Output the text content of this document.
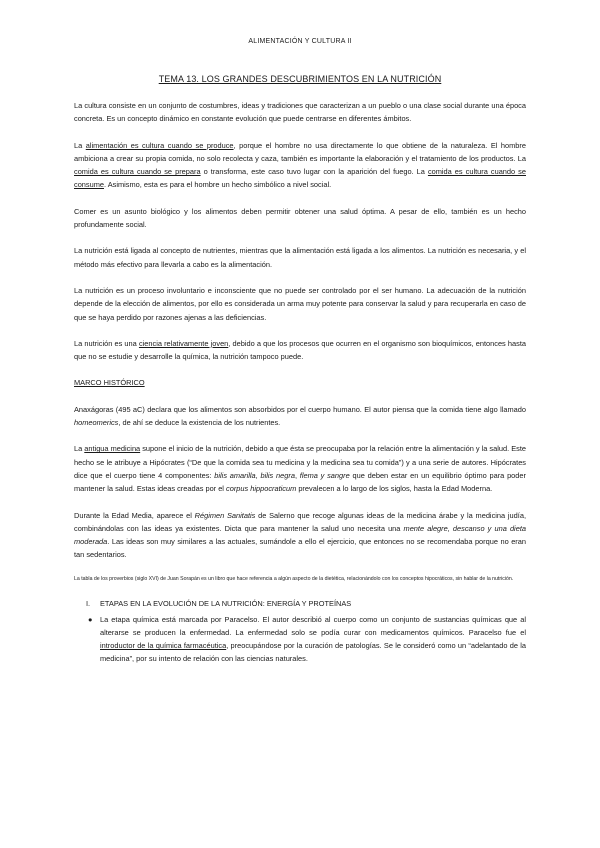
ALIMENTACIÓN Y CULTURA II
TEMA 13. LOS GRANDES DESCUBRIMIENTOS EN LA NUTRICIÓN

La cultura consiste en un conjunto de costumbres, ideas y tradiciones que caracterizan a un pueblo o una clase social durante una época concreta. Es un concepto dinámico en constante evolución que puede centrarse en diferentes ámbitos.

La alimentación es cultura cuando se produce, porque el hombre no usa directamente lo que obtiene de la naturaleza. El hombre ambiciona a crear su propia comida, no solo recolecta y caza, también es importante la elaboración y el tratamiento de los productos. La comida es cultura cuando se prepara o transforma, este caso tuvo lugar con la aparición del fuego. La comida es cultura cuando se consume. Asimismo, esta es para el hombre un hecho simbólico a nivel social.

Comer es un asunto biológico y los alimentos deben permitir obtener una salud óptima. A pesar de ello, también es un hecho profundamente social.

La nutrición está ligada al concepto de nutrientes, mientras que la alimentación está ligada a los alimentos. La nutrición es necesaria, y el método más efectivo para llevarla a cabo es la alimentación.

La nutrición es un proceso involuntario e inconsciente que no puede ser controlado por el ser humano. La adecuación de la nutrición depende de la elección de alimentos, por ello es considerada un arma muy potente para conservar la salud y para recuperarla en caso de que se haya perdido por razones ajenas a las deficiencias.

La nutrición es una ciencia relativamente joven, debido a que los procesos que ocurren en el organismo son bioquímicos, entonces hasta que no se estudie y desarrolle la química, la nutrición tampoco puede.

MARCO HISTÓRICO

Anaxágoras (495 aC) declara que los alimentos son absorbidos por el cuerpo humano. El autor piensa que la comida tiene algo llamado homeomerics, de ahí se deduce la existencia de los nutrientes.

La antigua medicina supone el inicio de la nutrición, debido a que ésta se preocupaba por la relación entre la alimentación y la salud. Este hecho se le atribuye a Hipócrates (“De que la comida sea tu medicina y la medicina sea tu comida”) y a una serie de autores. Hipócrates dice que el cuerpo tiene 4 componentes: bilis amarilla, bilis negra, flema y sangre que deben estar en un equilibrio óptimo para poder mantener la salud. Estas ideas creadas por el corpus hippocraticum prevalecen a lo largo de los siglos, hasta la Edad Moderna.

Durante la Edad Media, aparece el Régimen Sanitatis de Salerno que recoge algunas ideas de la medicina árabe y la medicina judía, combinándolas con las ideas ya existentes. Dicta que para mantener la salud uno necesita una mente alegre, descanso y una dieta moderada. Las ideas son muy similares a las actuales, sumándole a ello el ejercicio, que entonces no se recomendaba porque no eran tan sedentarios.

La tabla de los proverbios (siglo XVI) de Juan Sorapán es un libro que hace referencia a algún aspecto de la dietética, relacionándolo con los conceptos hipocráticos, sin hablar de la nutrición.

I.	ETAPAS EN LA EVOLUCIÓN DE LA NUTRICIÓN: ENERGÍA Y PROTEÍNAS
●	La etapa química está marcada por Paracelso. El autor describió al cuerpo como un conjunto de sustancias químicas que al alterarse se producen la enfermedad. La enfermedad solo se podía curar con medicamentos químicos. Paracelso fue el introductor de la química farmacéutica, preocupándose por la curación de patologías. Se le consideró como un “adelantado de la medicina”, por su intento de relación con las ciencias naturales.
